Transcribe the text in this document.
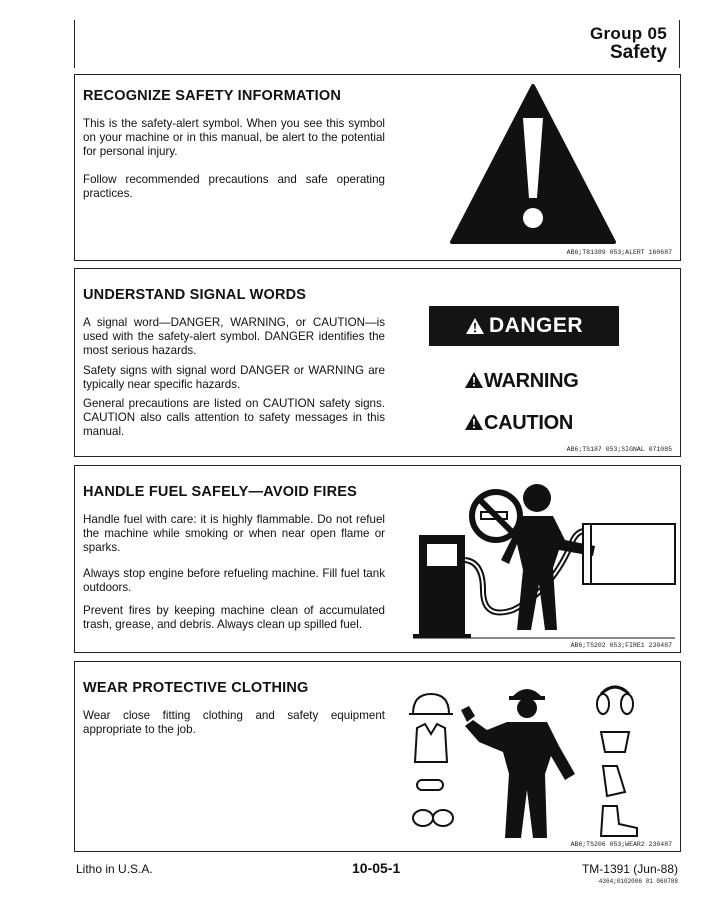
Group 05
Safety
RECOGNIZE SAFETY INFORMATION
This is the safety-alert symbol. When you see this symbol on your machine or in this manual, be alert to the potential for personal injury.
Follow recommended precautions and safe operating practices.
AB6;T81389 053;ALERT 160687
UNDERSTAND SIGNAL WORDS
A signal word—DANGER, WARNING, or CAUTION—is used with the safety-alert symbol. DANGER identifies the most serious hazards.
Safety signs with signal word DANGER or WARNING are typically near specific hazards.
General precautions are listed on CAUTION safety signs. CAUTION also calls attention to safety messages in this manual.
DANGER
WARNING
CAUTION
AB6;TS187 053;SIGNAL 071085
HANDLE FUEL SAFELY—AVOID FIRES
Handle fuel with care: it is highly flammable. Do not refuel the machine while smoking or when near open flame or sparks.
Always stop engine before refueling machine. Fill fuel tank outdoors.
Prevent fires by keeping machine clean of accumulated trash, grease, and debris. Always clean up spilled fuel.
AB6;TS202 053;FIRE1 230487
WEAR PROTECTIVE CLOTHING
Wear close fitting clothing and safety equipment appropriate to the job.
AB6;TS206 053;WEAR2 230487
Litho in U.S.A.	10-05-1	TM-1391 (Jun-88)
4364;0102006 01 060788
